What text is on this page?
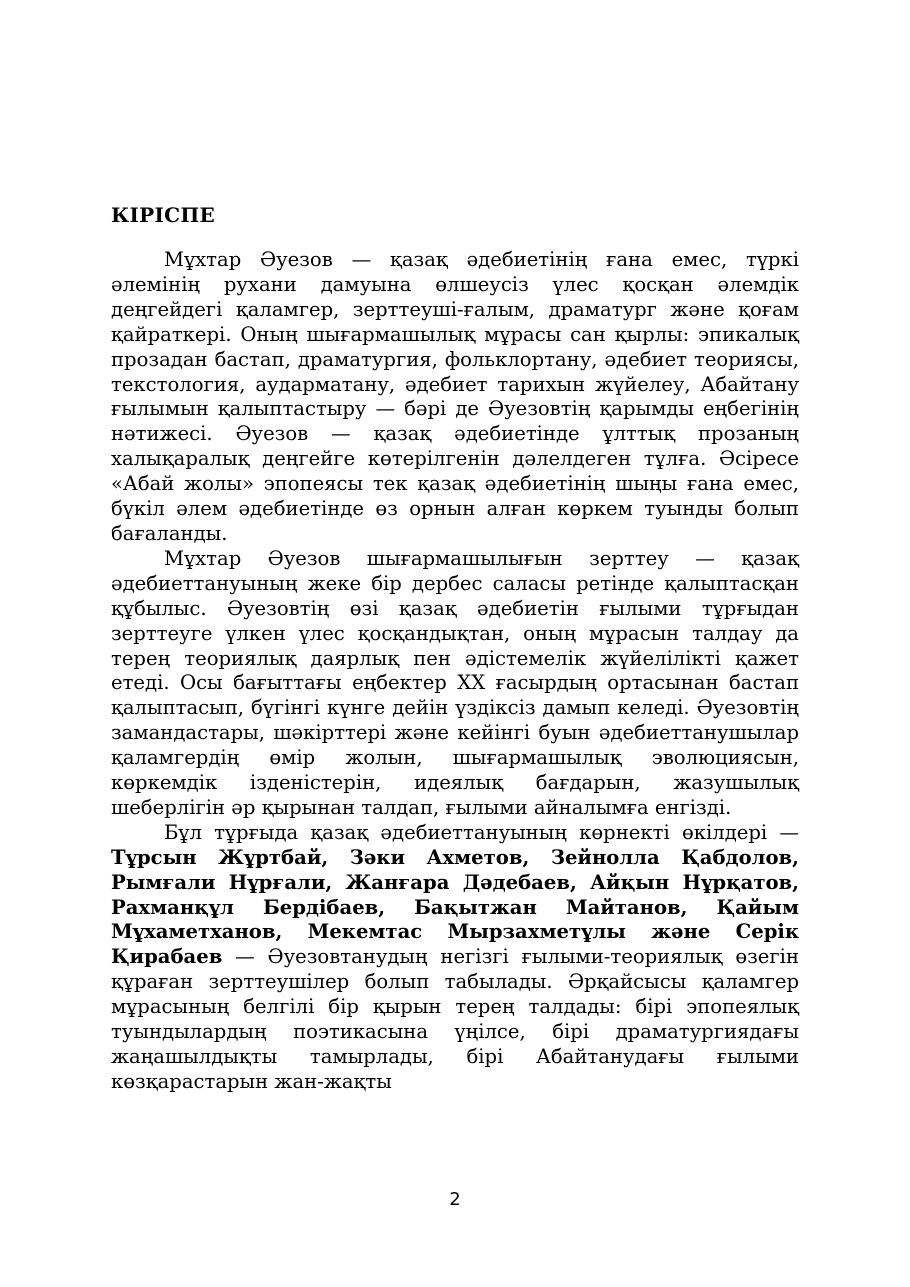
КІРІСПЕ

Мұхтар Әуезов — қазақ әдебиетінің ғана емес, түркі әлемінің рухани дамуына өлшеусіз үлес қосқан әлемдік деңгейдегі қаламгер, зерттеуші-ғалым, драматург және қоғам қайраткері. Оның шығармашылық мұрасы сан қырлы: эпикалық прозадан бастап, драматургия, фольклортану, әдебиет теориясы, текстология, аударматану, әдебиет тарихын жүйелеу, Абайтану ғылымын қалыптастыру — бәрі де Әуезовтің қарымды еңбегінің нәтижесі. Әуезов — қазақ әдебиетінде ұлттық прозаның халықаралық деңгейге көтерілгенін дәлелдеген тұлға. Әсіресе «Абай жолы» эпопеясы тек қазақ әдебиетінің шыңы ғана емес, бүкіл әлем әдебиетінде өз орнын алған көркем туынды болып бағаланды.

Мұхтар Әуезов шығармашылығын зерттеу — қазақ әдебиеттануының жеке бір дербес саласы ретінде қалыптасқан құбылыс. Әуезовтің өзі қазақ әдебиетін ғылыми тұрғыдан зерттеуге үлкен үлес қосқандықтан, оның мұрасын талдау да терең теориялық даярлық пен әдістемелік жүйелілікті қажет етеді. Осы бағыттағы еңбектер XX ғасырдың ортасынан бастап қалыптасып, бүгінгі күнге дейін үздіксіз дамып келеді. Әуезовтің замандастары, шәкірттері және кейінгі буын әдебиеттанушылар қаламгердің өмір жолын, шығармашылық эволюциясын, көркемдік ізденістерін, идеялық бағдарын, жазушылық шеберлігін әр қырынан талдап, ғылыми айналымға енгізді.

Бұл тұрғыда қазақ әдебиеттануының көрнекті өкілдері — Тұрсын Жұртбай, Зәки Ахметов, Зейнолла Қабдолов, Рымғали Нұрғали, Жанғара Дәдебаев, Айқын Нұрқатов, Рахманқұл Бердібаев, Бақытжан Майтанов, Қайым Мұхаметханов, Мекемтас Мырзахметұлы және Серік Қирабаев — Әуезовтанудың негізгі ғылыми-теориялық өзегін құраған зерттеушілер болып табылады. Әрқайсысы қаламгер мұрасының белгілі бір қырын терең талдады: бірі эпопеялық туындылардың поэтикасына үңілсе, бірі драматургиядағы жаңашылдықты тамырлады, бірі Абайтанудағы ғылыми көзқарастарын жан-жақты

2
